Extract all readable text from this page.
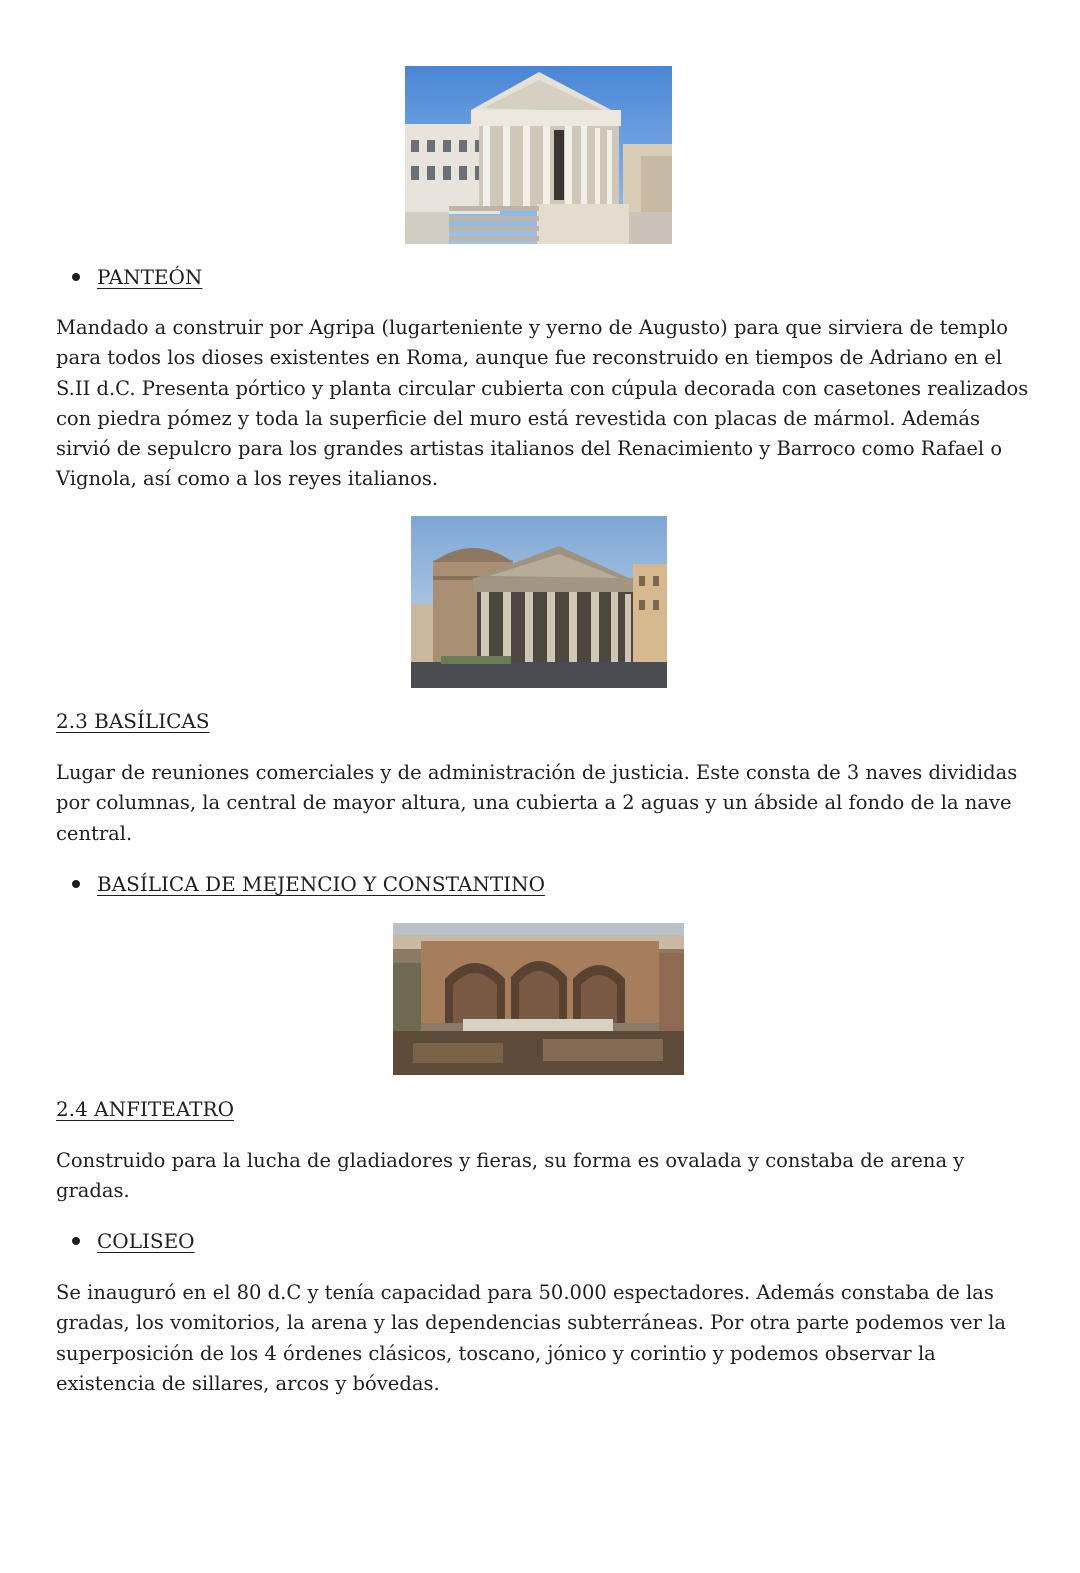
PANTEÓN

Mandado a construir por Agripa (lugarteniente y yerno de Augusto) para que sirviera de templo para todos los dioses existentes en Roma, aunque fue reconstruido en tiempos de Adriano en el S.II d.C. Presenta pórtico y planta circular cubierta con cúpula decorada con casetones realizados con piedra pómez y toda la superficie del muro está revestida con placas de mármol. Además sirvió de sepulcro para los grandes artistas italianos del Renacimiento y Barroco como Rafael o Vignola, así como a los reyes italianos.

2.3 BASÍLICAS

Lugar de reuniones comerciales y de administración de justicia. Este consta de 3 naves divididas por columnas, la central de mayor altura, una cubierta a 2 aguas y un ábside al fondo de la nave central.

BASÍLICA DE MEJENCIO Y CONSTANTINO
2.4 ANFITEATRO

Construido para la lucha de gladiadores y fieras, su forma es ovalada y constaba de arena y gradas.

COLISEO

Se inauguró en el 80 d.C y tenía capacidad para 50.000 espectadores. Además constaba de las gradas, los vomitorios, la arena y las dependencias subterráneas. Por otra parte podemos ver la superposición de los 4 órdenes clásicos, toscano, jónico y corintio y podemos observar la existencia de sillares, arcos y bóvedas.
